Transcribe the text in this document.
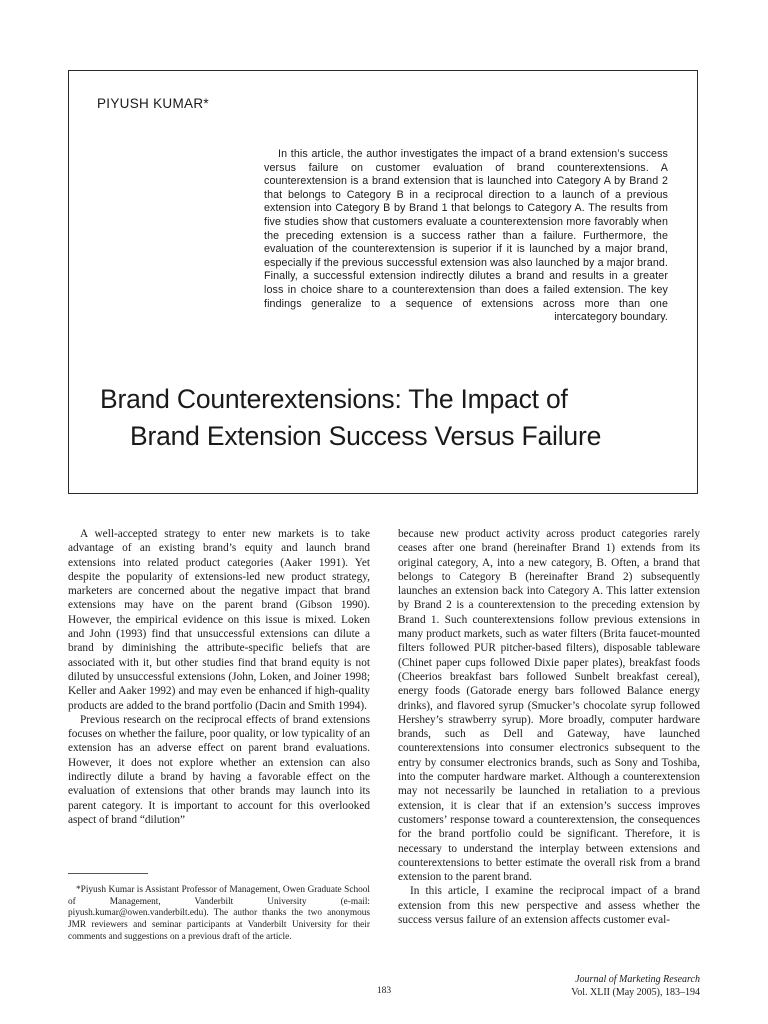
PIYUSH KUMAR*

In this article, the author investigates the impact of a brand extension’s success versus failure on customer evaluation of brand counterextensions. A counterextension is a brand extension that is launched into Category A by Brand 2 that belongs to Category B in a reciprocal direction to a launch of a previous extension into Category B by Brand 1 that belongs to Category A. The results from five studies show that customers evaluate a counterextension more favorably when the preceding extension is a success rather than a failure. Furthermore, the evaluation of the counterextension is superior if it is launched by a major brand, especially if the previous successful extension was also launched by a major brand. Finally, a successful extension indirectly dilutes a brand and results in a greater loss in choice share to a counterextension than does a failed extension. The key findings generalize to a sequence of extensions across more than one intercategory boundary.

Brand Counterextensions: The Impact of
Brand Extension Success Versus Failure

A well-accepted strategy to enter new markets is to take advantage of an existing brand’s equity and launch brand extensions into related product categories (Aaker 1991). Yet despite the popularity of extensions-led new product strategy, marketers are concerned about the negative impact that brand extensions may have on the parent brand (Gibson 1990). However, the empirical evidence on this issue is mixed. Loken and John (1993) find that unsuccessful extensions can dilute a brand by diminishing the attribute-specific beliefs that are associated with it, but other studies find that brand equity is not diluted by unsuccessful extensions (John, Loken, and Joiner 1998; Keller and Aaker 1992) and may even be enhanced if high-quality products are added to the brand portfolio (Dacin and Smith 1994).

Previous research on the reciprocal effects of brand extensions focuses on whether the failure, poor quality, or low typicality of an extension has an adverse effect on parent brand evaluations. However, it does not explore whether an extension can also indirectly dilute a brand by having a favorable effect on the evaluation of extensions that other brands may launch into its parent category. It is important to account for this overlooked aspect of brand “dilution”

*Piyush Kumar is Assistant Professor of Management, Owen Graduate School of Management, Vanderbilt University (e-mail: piyush.kumar@owen.vanderbilt.edu). The author thanks the two anonymous JMR reviewers and seminar participants at Vanderbilt University for their comments and suggestions on a previous draft of the article.

because new product activity across product categories rarely ceases after one brand (hereinafter Brand 1) extends from its original category, A, into a new category, B. Often, a brand that belongs to Category B (hereinafter Brand 2) subsequently launches an extension back into Category A. This latter extension by Brand 2 is a counterextension to the preceding extension by Brand 1. Such counterextensions follow previous extensions in many product markets, such as water filters (Brita faucet-mounted filters followed PUR pitcher-based filters), disposable tableware (Chinet paper cups followed Dixie paper plates), breakfast foods (Cheerios breakfast bars followed Sunbelt breakfast cereal), energy foods (Gatorade energy bars followed Balance energy drinks), and flavored syrup (Smucker’s chocolate syrup followed Hershey’s strawberry syrup). More broadly, computer hardware brands, such as Dell and Gateway, have launched counterextensions into consumer electronics subsequent to the entry by consumer electronics brands, such as Sony and Toshiba, into the computer hardware market. Although a counterextension may not necessarily be launched in retaliation to a previous extension, it is clear that if an extension’s success improves customers’ response toward a counterextension, the consequences for the brand portfolio could be significant. Therefore, it is necessary to understand the interplay between extensions and counterextensions to better estimate the overall risk from a brand extension to the parent brand.

In this article, I examine the reciprocal impact of a brand extension from this new perspective and assess whether the success versus failure of an extension affects customer eval-

183
Journal of Marketing Research
Vol. XLII (May 2005), 183–194
